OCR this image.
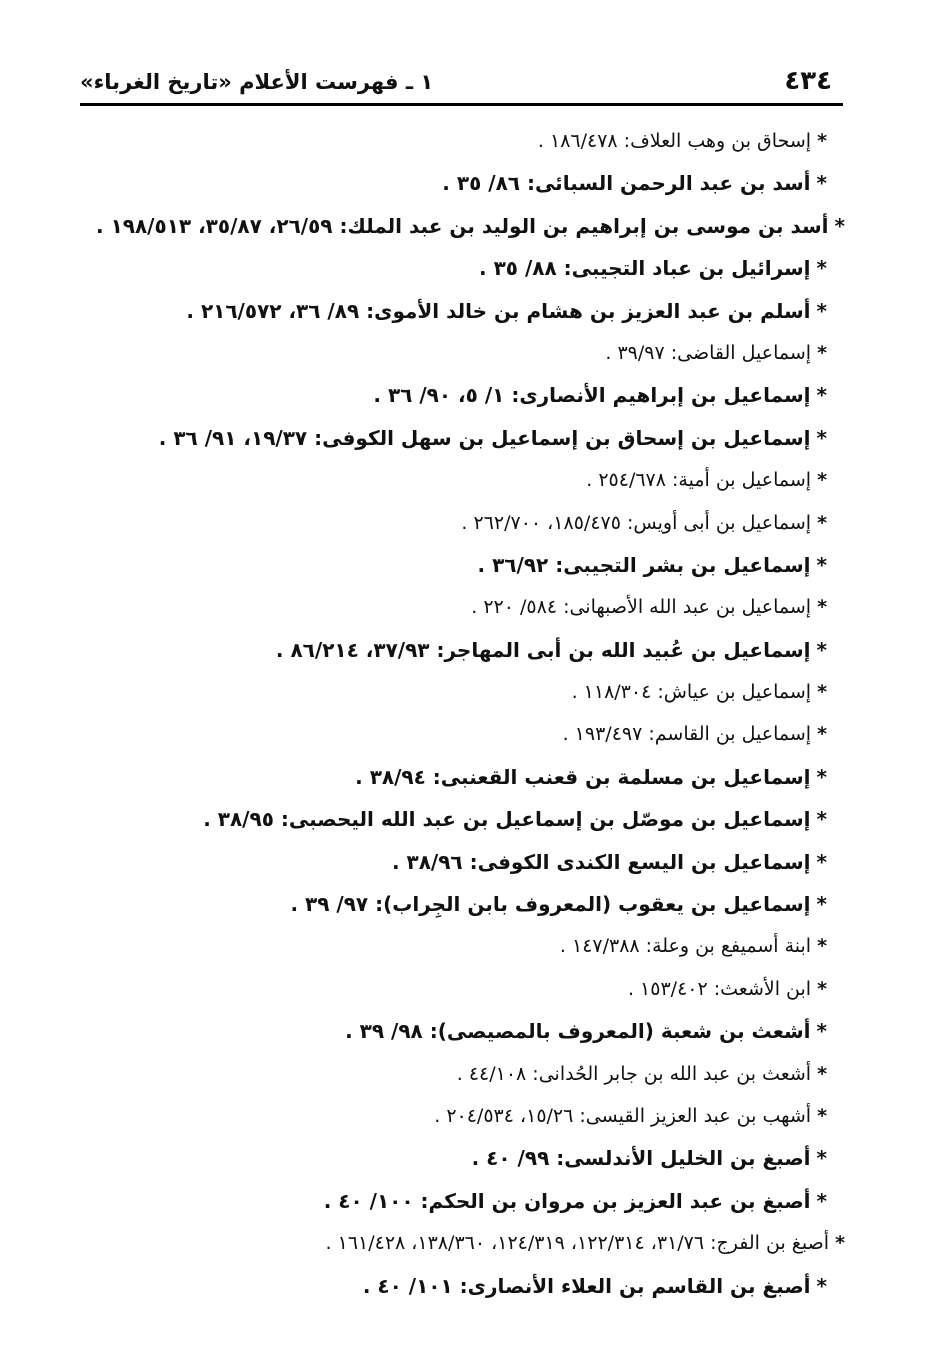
٤٣٤
١ ـ فهرست الأعلام «تاريخ الغرباء»
*إسحاق بن وهب العلاف: ١٨٦/٤٧٨ .
*أسد بن عبد الرحمن السبائى: ٨٦/ ٣٥ .
*أسد بن موسى بن إبراهيم بن الوليد بن عبد الملك: ٢٦/٥٩، ٣٥/٨٧، ١٩٨/٥١٣ .
*إسرائيل بن عباد التجيبى: ٨٨/ ٣٥ .
*أسلم بن عبد العزيز بن هشام بن خالد الأموى: ٨٩/ ٣٦، ٢١٦/٥٧٢ .
*إسماعيل القاضى: ٣٩/٩٧ .
*إسماعيل بن إبراهيم الأنصارى: ١/ ٥، ٩٠/ ٣٦ .
*إسماعيل بن إسحاق بن إسماعيل بن سهل الكوفى: ١٩/٣٧، ٩١/ ٣٦ .
*إسماعيل بن أمية: ٢٥٤/٦٧٨ .
*إسماعيل بن أبى أويس: ١٨٥/٤٧٥، ٢٦٢/٧٠٠ .
*إسماعيل بن بشر التجيبى: ٣٦/٩٢ .
*إسماعيل بن عبد الله الأصبهانى: ٥٨٤/ ٢٢٠ .
*إسماعيل بن عُبيد الله بن أبى المهاجر: ٣٧/٩٣، ٨٦/٢١٤ .
*إسماعيل بن عياش: ١١٨/٣٠٤ .
*إسماعيل بن القاسم: ١٩٣/٤٩٧ .
*إسماعيل بن مسلمة بن قعنب القعنبى: ٣٨/٩٤ .
*إسماعيل بن موصّل بن إسماعيل بن عبد الله اليحصبى: ٣٨/٩٥ .
*إسماعيل بن اليسع الكندى الكوفى: ٣٨/٩٦ .
*إسماعيل بن يعقوب (المعروف بابن الجِراب): ٩٧/ ٣٩ .
*ابنة أسميفع بن وعلة: ١٤٧/٣٨٨ .
*ابن الأشعث: ١٥٣/٤٠٢ .
*أشعث بن شعبة (المعروف بالمصيصى): ٩٨/ ٣٩ .
*أشعث بن عبد الله بن جابر الحُدانى: ٤٤/١٠٨ .
*أشهب بن عبد العزيز القيسى: ١٥/٢٦، ٢٠٤/٥٣٤ .
*أصبغ بن الخليل الأندلسى: ٩٩/ ٤٠ .
*أصبغ بن عبد العزيز بن مروان بن الحكم: ١٠٠/ ٤٠ .
*أصبغ بن الفرج: ٣١/٧٦، ١٢٢/٣١٤، ١٢٤/٣١٩، ١٣٨/٣٦٠، ١٦١/٤٢٨ .
*أصبغ بن القاسم بن العلاء الأنصارى: ١٠١/ ٤٠ .
